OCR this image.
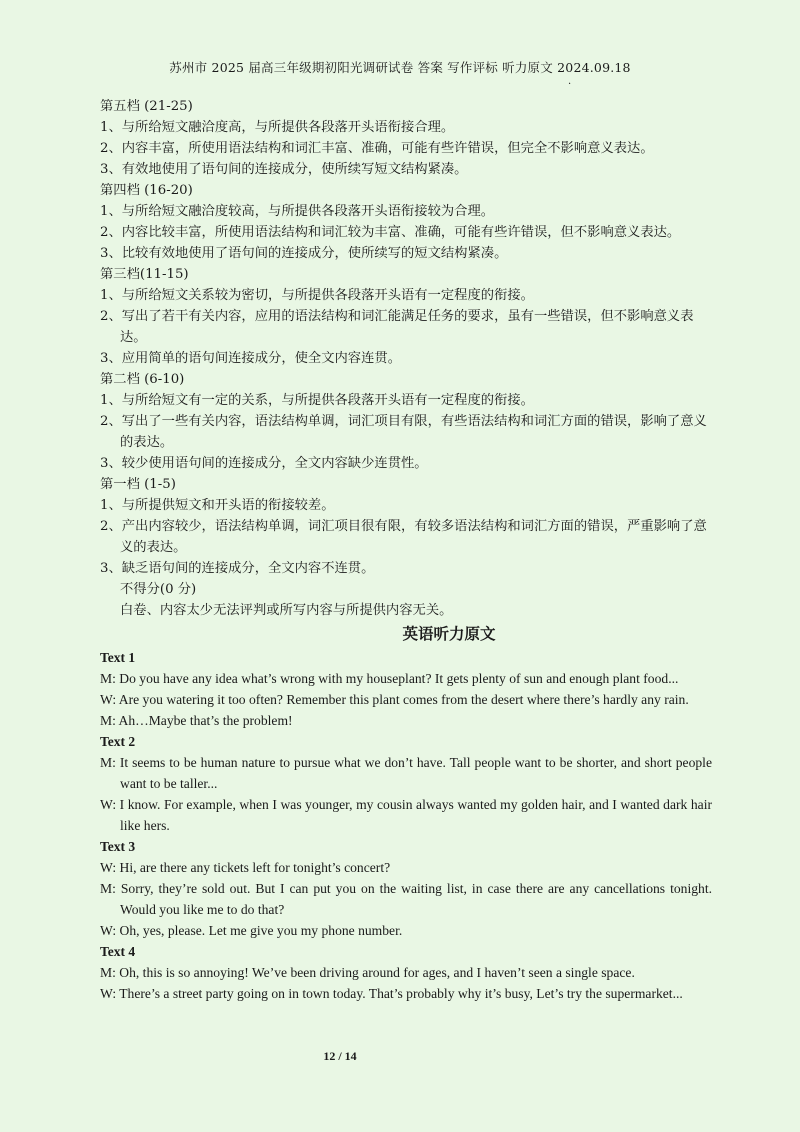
苏州市 2025 届高三年级期初阳光调研试卷 答案 写作评标 听力原文 2024.09.18
.

第五档 (21-25)

1、与所给短文融洽度高，与所提供各段落开头语衔接合理。

2、内容丰富，所使用语法结构和词汇丰富、准确，可能有些许错误，但完全不影响意义表达。

3、有效地使用了语句间的连接成分，使所续写短文结构紧凑。

第四档 (16-20)

1、与所给短文融洽度较高，与所提供各段落开头语衔接较为合理。

2、内容比较丰富，所使用语法结构和词汇较为丰富、准确，可能有些许错误，但不影响意义表达。

3、比较有效地使用了语句间的连接成分，使所续写的短文结构紧凑。

第三档(11-15)

1、与所给短文关系较为密切，与所提供各段落开头语有一定程度的衔接。

2、写出了若干有关内容，应用的语法结构和词汇能满足任务的要求，虽有一些错误，但不影响意义表达。

3、应用简单的语句间连接成分，使全文内容连贯。

第二档 (6-10)

1、与所给短文有一定的关系，与所提供各段落开头语有一定程度的衔接。

2、写出了一些有关内容，语法结构单调，词汇项目有限，有些语法结构和词汇方面的错误，影响了意义的表达。

3、较少使用语句间的连接成分，全文内容缺少连贯性。

第一档 (1-5)

1、与所提供短文和开头语的衔接较差。

2、产出内容较少，语法结构单调，词汇项目很有限，有较多语法结构和词汇方面的错误，严重影响了意义的表达。

3、缺乏语句间的连接成分，全文内容不连贯。

不得分(0 分)

白卷、内容太少无法评判或所写内容与所提供内容无关。

英语听力原文

Text 1

M: Do you have any idea what’s wrong with my houseplant? It gets plenty of sun and enough plant food...

W: Are you watering it too often? Remember this plant comes from the desert where there’s hardly any rain.

M: Ah…Maybe that’s the problem!

Text 2

M: It seems to be human nature to pursue what we don’t have. Tall people want to be shorter, and short people want to be taller...

W: I know. For example, when I was younger, my cousin always wanted my golden hair, and I wanted dark hair like hers.

Text 3

W: Hi, are there any tickets left for tonight’s concert?

M: Sorry, they’re sold out. But I can put you on the waiting list, in case there are any cancellations tonight. Would you like me to do that?

W: Oh, yes, please. Let me give you my phone number.

Text 4

M: Oh, this is so annoying! We’ve been driving around for ages, and I haven’t seen a single space.

W: There’s a street party going on in town today. That’s probably why it’s busy, Let’s try the supermarket...

12 / 14
